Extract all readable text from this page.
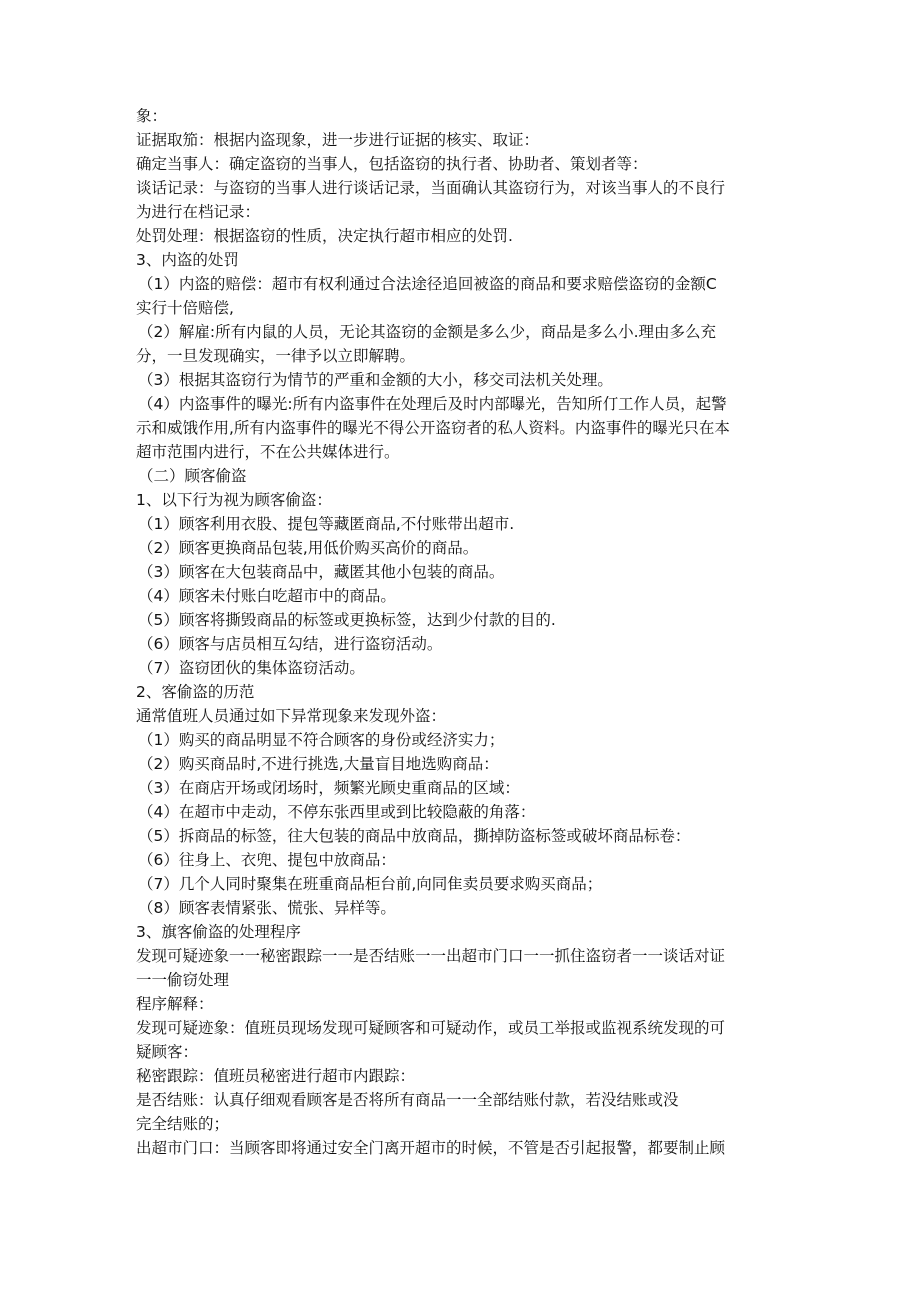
象：
证据取笳：根据内盗现象，进一步进行证据的核实、取证：
确定当事人：确定盗窃的当事人，包括盗窃的执行者、协助者、策划者等：
谈话记录：与盗窃的当事人进行谈话记录，当面确认其盗窃行为，对该当事人的不良行
为进行在档记录：
处罚处理：根据盗窃的性质，决定执行超市相应的处罚.
3、内盗的处罚
（1）内盗的赔偿：超市有权利通过合法途径追回被盗的商品和要求赔偿盗窃的金额C
实行十倍赔偿,
（2）解雇:所有内鼠的人员，无论其盗窃的金额是多么少，商品是多么小.理由多么充
分，一旦发现确实，一律予以立即解聘。
（3）根据其盗窃行为情节的严重和金额的大小，移交司法机关处理。
（4）内盗事件的曝光:所有内盗事件在处理后及时内部曝光，告知所仃工作人员，起警
示和威饿作用,所有内盗事件的曝光不得公开盗窃者的私人资料。内盗事件的曝光只在本
超市范围内进行，不在公共媒体进行。
（二）顾客偷盗
1、以下行为视为顾客偷盗：
（1）顾客利用衣股、提包等藏匿商品,不付账带出超市.
（2）顾客更换商品包装,用低价购买高价的商品。
（3）顾客在大包装商品中，藏匿其他小包装的商品。
（4）顾客未付账白吃超市中的商品。
（5）顾客将撕毁商品的标签或更换标签，达到少付款的目的.
（6）顾客与店员相互勾结，进行盗窃活动。
（7）盗窃团伙的集体盗窃活动。
2、客偷盗的历范
通常值班人员通过如下异常现象来发现外盗：
（1）购买的商品明显不符合顾客的身份或经济实力；
（2）购买商品时,不进行挑选,大量盲目地选购商品：
（3）在商店开场或闭场时，频繁光顾史重商品的区域：
（4）在超市中走动，不停东张西里或到比较隐蔽的角落：
（5）拆商品的标签，往大包装的商品中放商品，撕掉防盗标签或破坏商品标卷：
（6）往身上、衣兜、提包中放商品：
（7）几个人同时聚集在班重商品柜台前,向同隹卖员要求购买商品；
（8）顾客表情紧张、慌张、异样等。
3、旗客偷盗的处理程序
发现可疑迹象一一秘密跟踪一一是否结账一一出超市门口一一抓住盗窃者一一谈话对证
一一偷窃处理
程序解释：
发现可疑迹象：值班员现场发现可疑顾客和可疑动作，或员工举报或监视系统发现的可
疑顾客：
秘密跟踪：值班员秘密进行超市内跟踪：
是否结账：认真仔细观看顾客是否将所有商品一一全部结账付款，若没结账或没
完全结账的；
出超市门口：当顾客即将通过安全门离开超市的时候，不管是否引起报警，都要制止顾
